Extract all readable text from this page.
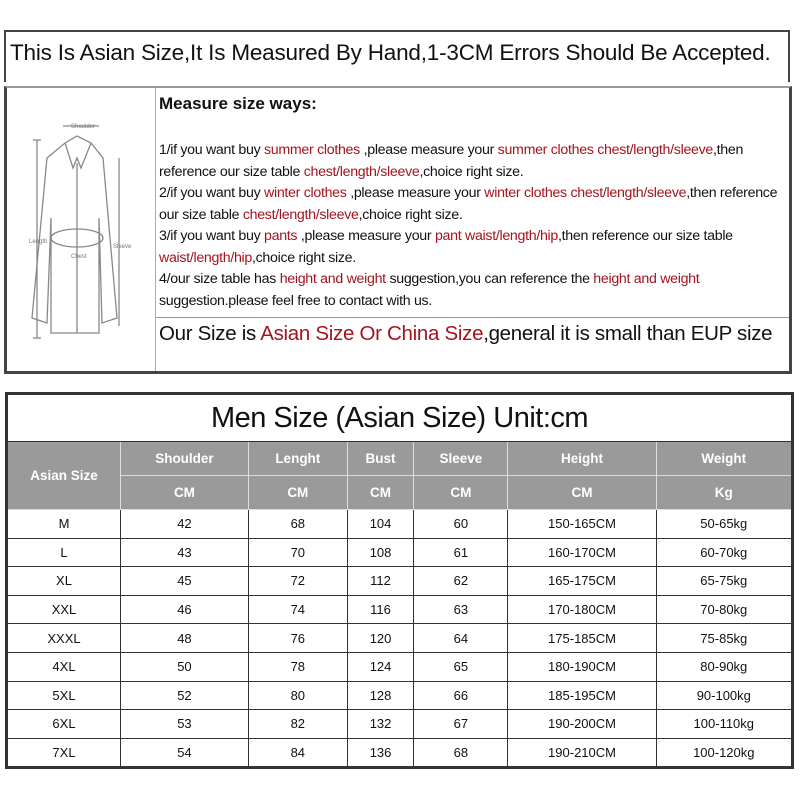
This Is Asian Size,It Is Measured By Hand,1-3CM Errors Should Be Accepted.
Shoulder
Length
Chest
Sleeve
Measure size ways:
1/if you want buy summer clothes ,please measure your summer clothes chest/length/sleeve,then reference our size table chest/length/sleeve,choice right size.
2/if you want buy winter clothes ,please measure your winter clothes chest/length/sleeve,then reference our size table chest/length/sleeve,choice right size.
3/if you want buy pants ,please measure your pant waist/length/hip,then reference our size table waist/length/hip,choice right size.
4/our size table has height and weight suggestion,you can reference the height and weight suggestion.please feel free to contact with us.
Our Size is Asian Size Or China Size,general it is small than EUP size
Men Size (Asian Size) Unit:cm						
Asian Size	Shoulder	Lenght	Bust	Sleeve	Height	Weight
	CM	CM	CM	CM	CM	Kg
M	42	68	104	60	150-165CM	50-65kg
L	43	70	108	61	160-170CM	60-70kg
XL	45	72	112	62	165-175CM	65-75kg
XXL	46	74	116	63	170-180CM	70-80kg
XXXL	48	76	120	64	175-185CM	75-85kg
4XL	50	78	124	65	180-190CM	80-90kg
5XL	52	80	128	66	185-195CM	90-100kg
6XL	53	82	132	67	190-200CM	100-110kg
7XL	54	84	136	68	190-210CM	100-120kg
